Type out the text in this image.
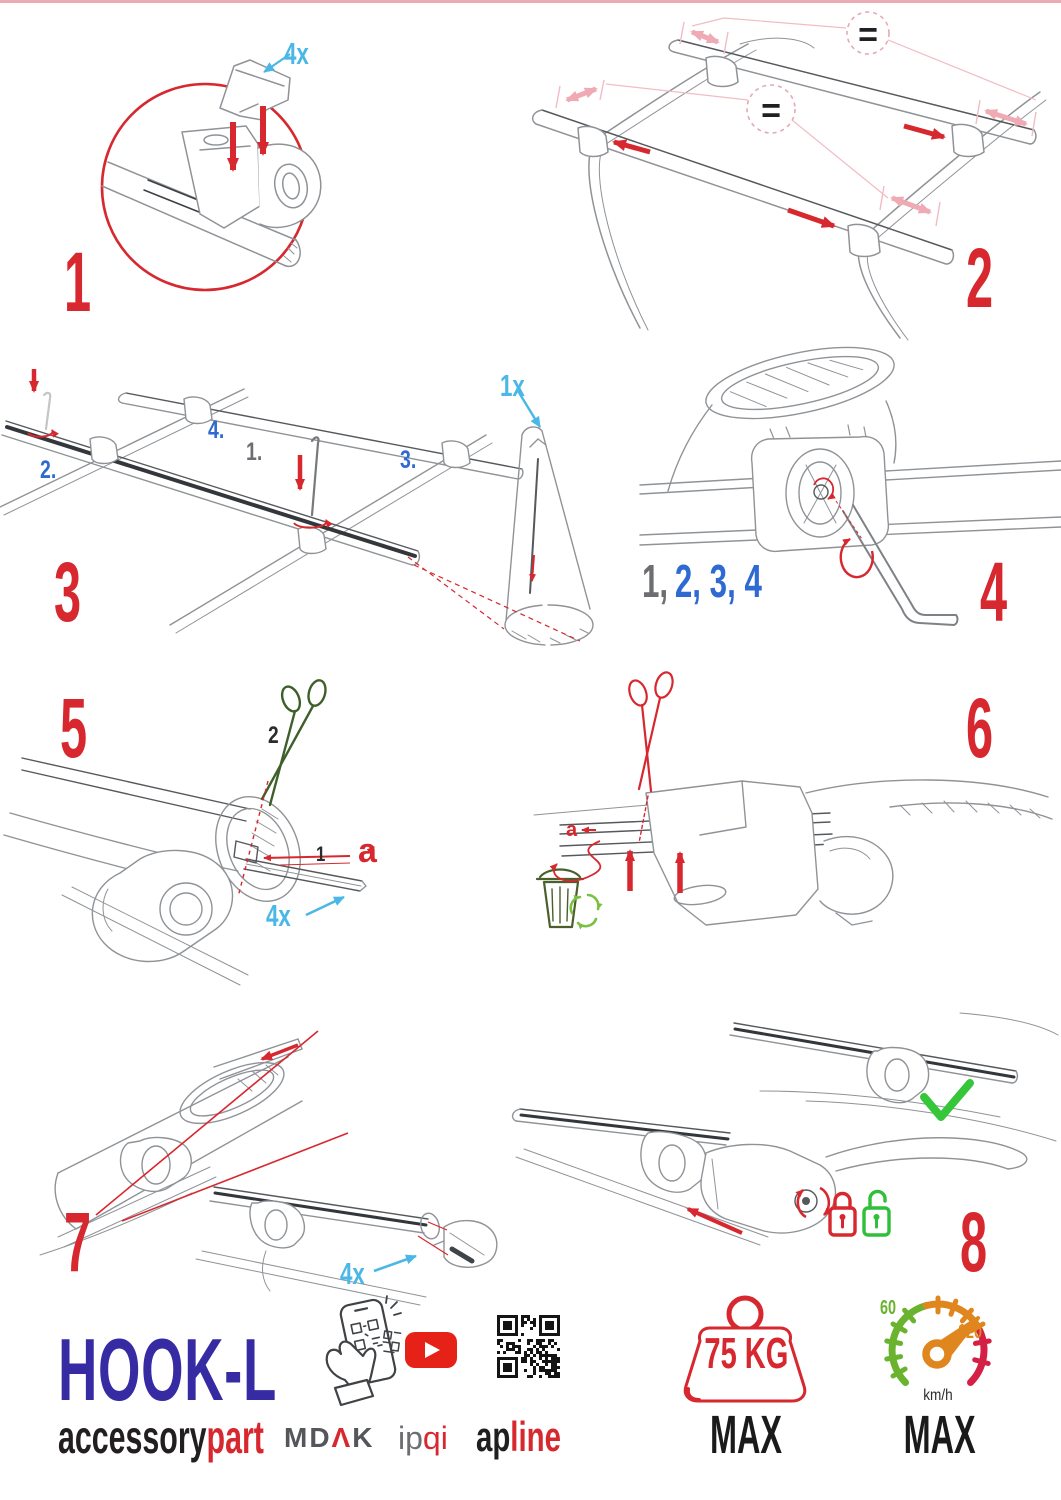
1	2
3	4
5	6
7	8
4x	=
=
1.
2.	3.
4.
1x
1, 2, 3, 4
2
1 a
4x
a
4x
HOOK-L
accessorypart MDΛK ipqi apline
75 KG
MAX
60
120
km/h
MAX
